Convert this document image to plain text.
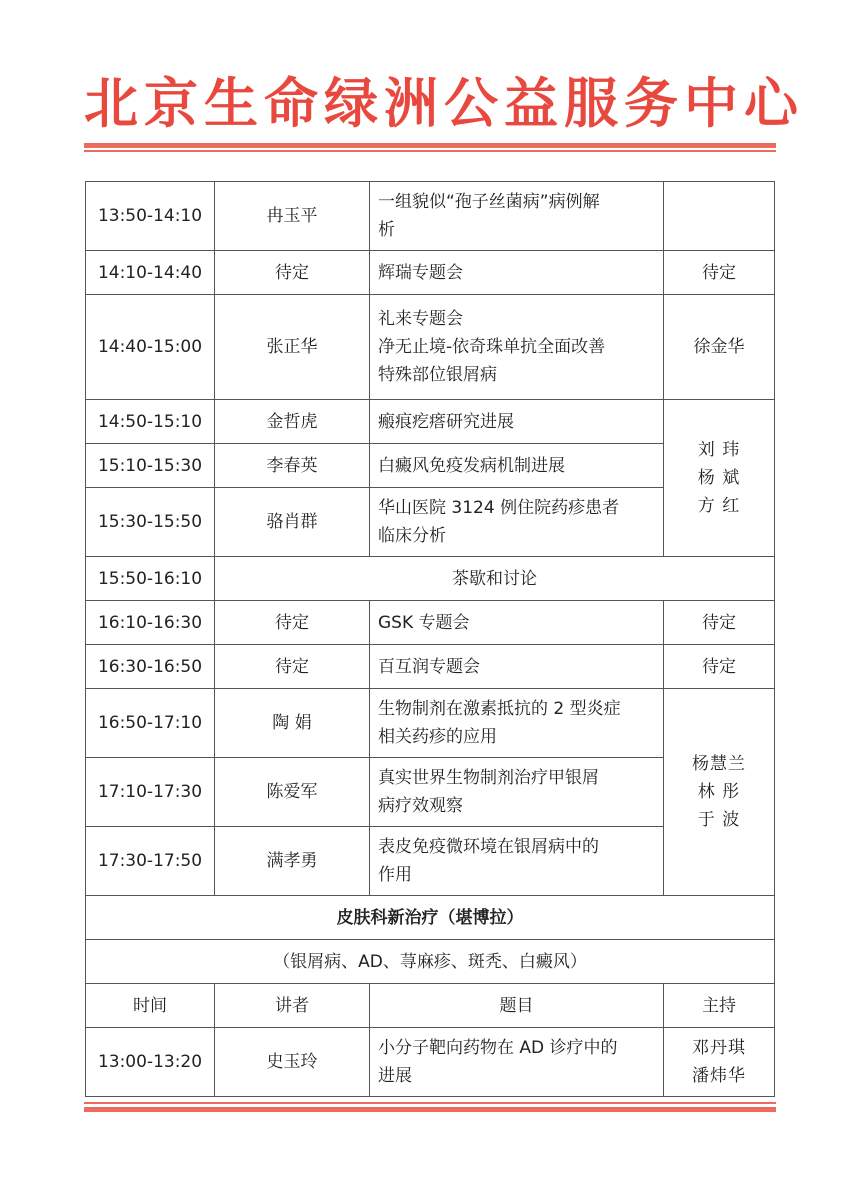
北京生命绿洲公益服务中心
13:50-14:10	冉玉平	一组貌似“孢子丝菌病”病例解
析	

14:10-14:40	待定	辉瑞专题会	待定
14:40-15:00	张正华	礼来专题会
净无止境-依奇珠单抗全面改善
特殊部位银屑病	徐金华
14:50-15:10	金哲虎	瘢痕疙瘩研究进展	刘 玮
杨 斌
方 红

15:10-15:30	李春英	白癜风免疫发病机制进展	

15:30-15:50	骆肖群	华山医院 3124 例住院药疹患者
临床分析	

15:50-16:10	茶歇和讨论		
16:10-16:30	待定	GSK 专题会	待定
16:30-16:50	待定	百互润专题会	待定
16:50-17:10	陶 娟	生物制剂在激素抵抗的 2 型炎症
相关药疹的应用	杨慧兰
林 彤
于 波

17:10-17:30	陈爱军	真实世界生物制剂治疗甲银屑
病疗效观察	

17:30-17:50	满孝勇	表皮免疫微环境在银屑病中的
作用	

皮肤科新治疗（堪博拉）			
（银屑病、AD、荨麻疹、斑秃、白癜风）			
时间	讲者	题目	主持
13:00-13:20	史玉玲	小分子靶向药物在 AD 诊疗中的
进展	邓丹琪
潘炜华
